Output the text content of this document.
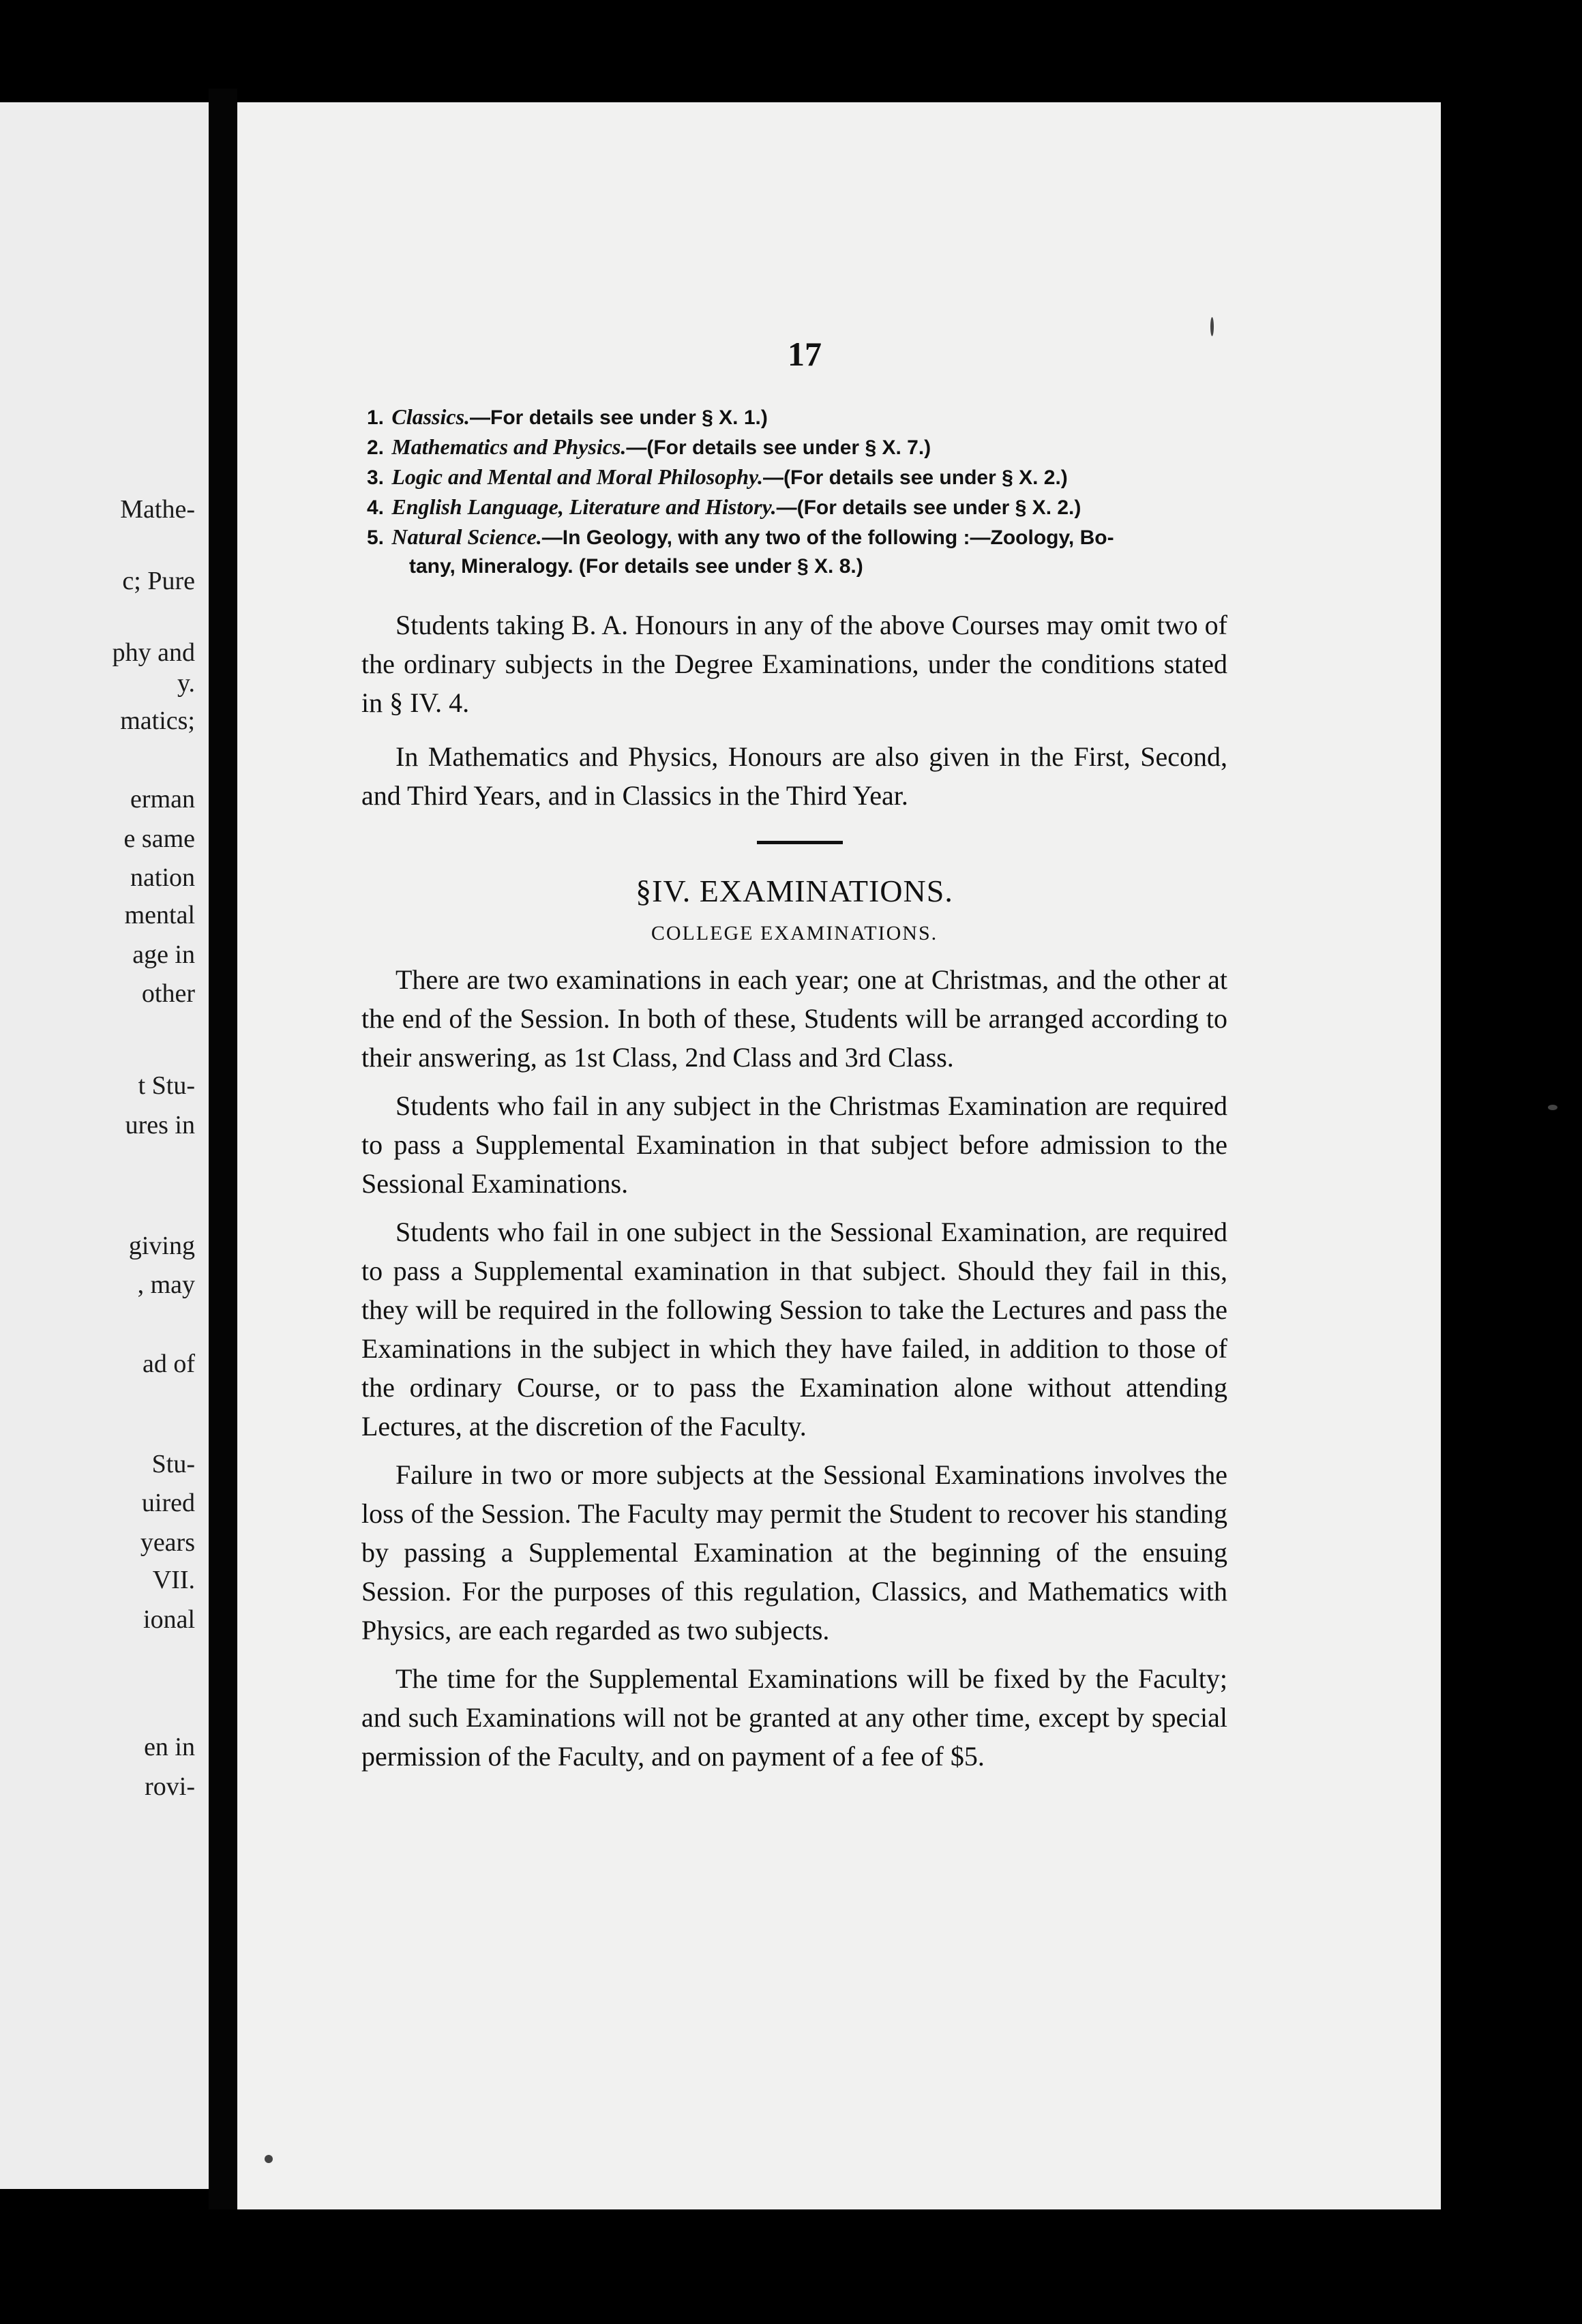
Mathe-
c; Pure
phy and
y.
matics;
erman
e same
nation
mental
age in
other
t Stu-
ures in
giving
, may
ad of
Stu-
uired
years
VII.
ional
en in
rovi-
17
1. Classics.—For details see under § X. 1.)
2. Mathematics and Physics.—(For details see under § X. 7.)
3. Logic and Mental and Moral Philosophy.—(For details see under § X. 2.)
4. English Language, Literature and History.—(For details see under § X. 2.)
5. Natural Science.—In Geology, with any two of the following :—Zoology, Bo-
tany, Mineralogy. (For details see under § X. 8.)

Students taking B. A. Honours in any of the above Courses may omit two of the ordinary subjects in the Degree Examinations, under the conditions stated in § IV. 4.

In Mathematics and Physics, Honours are also given in the First, Second, and Third Years, and in Classics in the Third Year.

§IV. EXAMINATIONS.
COLLEGE EXAMINATIONS.

There are two examinations in each year; one at Christmas, and the other at the end of the Session. In both of these, Students will be arranged according to their answering, as 1st Class, 2nd Class and 3rd Class.

Students who fail in any subject in the Christmas Examination are required to pass a Supplemental Examination in that subject before admission to the Sessional Examinations.

Students who fail in one subject in the Sessional Examination, are required to pass a Supplemental examination in that subject. Should they fail in this, they will be required in the following Session to take the Lectures and pass the Examinations in the subject in which they have failed, in addition to those of the ordinary Course, or to pass the Examination alone without attending Lectures, at the discretion of the Faculty.

Failure in two or more subjects at the Sessional Examinations involves the loss of the Session. The Faculty may permit the Student to recover his standing by passing a Supplemental Examination at the beginning of the ensuing Session. For the purposes of this regulation, Classics, and Mathematics with Physics, are each regarded as two subjects.

The time for the Supplemental Examinations will be fixed by the Faculty; and such Examinations will not be granted at any other time, except by special permission of the Faculty, and on payment of a fee of $5.
